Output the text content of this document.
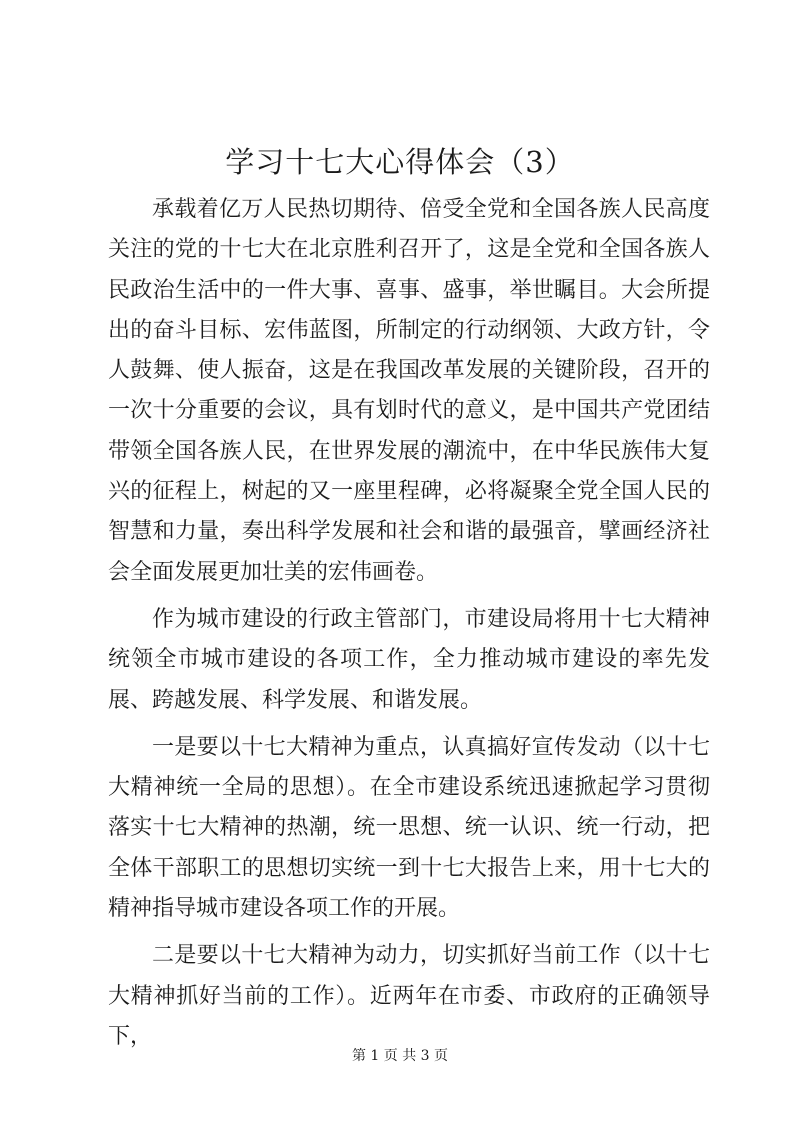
学习十七大心得体会（3）

承载着亿万人民热切期待、倍受全党和全国各族人民高度关注的党的十七大在北京胜利召开了，这是全党和全国各族人民政治生活中的一件大事、喜事、盛事，举世瞩目。大会所提出的奋斗目标、宏伟蓝图，所制定的行动纲领、大政方针，令人鼓舞、使人振奋，这是在我国改革发展的关键阶段，召开的一次十分重要的会议，具有划时代的意义，是中国共产党团结带领全国各族人民，在世界发展的潮流中，在中华民族伟大复兴的征程上，树起的又一座里程碑，必将凝聚全党全国人民的智慧和力量，奏出科学发展和社会和谐的最强音，擘画经济社会全面发展更加壮美的宏伟画卷。

作为城市建设的行政主管部门，市建设局将用十七大精神统领全市城市建设的各项工作，全力推动城市建设的率先发展、跨越发展、科学发展、和谐发展。

一是要以十七大精神为重点，认真搞好宣传发动（以十七大精神统一全局的思想）。在全市建设系统迅速掀起学习贯彻落实十七大精神的热潮，统一思想、统一认识、统一行动，把全体干部职工的思想切实统一到十七大报告上来，用十七大的精神指导城市建设各项工作的开展。

二是要以十七大精神为动力，切实抓好当前工作（以十七大精神抓好当前的工作）。近两年在市委、市政府的正确领导下，

第 1 页 共 3 页
